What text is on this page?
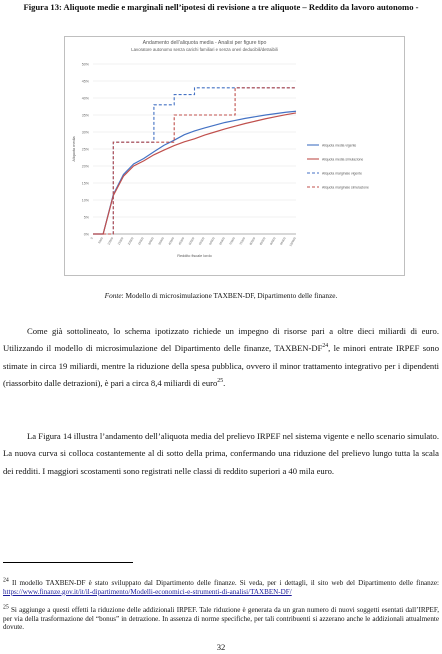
Figura 13: Aliquote medie e marginali nell’ipotesi di revisione a tre aliquote – Reddito da lavoro autonomo -
Andamento dell’aliquota media - Analisi per figure tipo
Lavoratore autonomo senza carichi familiari e senza oneri deducibili/detraibili
0%
5%
10%
15%
20%
25%
30%
35%
40%
45%
50%
0 5000 10000 15000 20000 25000 30000 35000 40000 45000 50000 55000 60000 65000 70000 75000 80000 85000 90000 95000 100000
Reddito fiscale lordo
Aliquota media	Aliquota media vigente
Aliquota media simulazione
Aliquota marginale vigente
Aliquota marginale simulazione
Fonte: Modello di microsimulazione TAXBEN-DF, Dipartimento delle finanze.

Come già sottolineato, lo schema ipotizzato richiede un impegno di risorse pari a oltre dieci miliardi di euro. Utilizzando il modello di microsimulazione del Dipartimento delle finanze, TAXBEN-DF$^{24}$, le minori entrate IRPEF sono stimate in circa 19 miliardi, mentre la riduzione della spesa pubblica, ovvero il minor trattamento integrativo per i dipendenti (riassorbito dalle detrazioni), è pari a circa 8,4 miliardi di euro$^{25}$.

La Figura 14 illustra l’andamento dell’aliquota media del prelievo IRPEF nel sistema vigente e nello scenario simulato. La nuova curva si colloca costantemente al di sotto della prima, confermando una riduzione del prelievo lungo tutta la scala dei redditi. I maggiori scostamenti sono registrati nelle classi di reddito superiori a 40 mila euro.

$^{24}$ Il modello TAXBEN-DF è stato sviluppato dal Dipartimento delle finanze. Si veda, per i dettagli, il sito web del Dipartimento delle finanze: https://www.finanze.gov.it/it/il-dipartimento/Modelli-economici-e-strumenti-di-analisi/TAXBEN-DF/

$^{25}$ Si aggiunge a questi effetti la riduzione delle addizionali IRPEF. Tale riduzione è generata da un gran numero di nuovi soggetti esentati dall’IRPEF, per via della trasformazione del “bonus” in detrazione. In assenza di norme specifiche, per tali contribuenti si azzerano anche le addizionali attualmente dovute.

32
